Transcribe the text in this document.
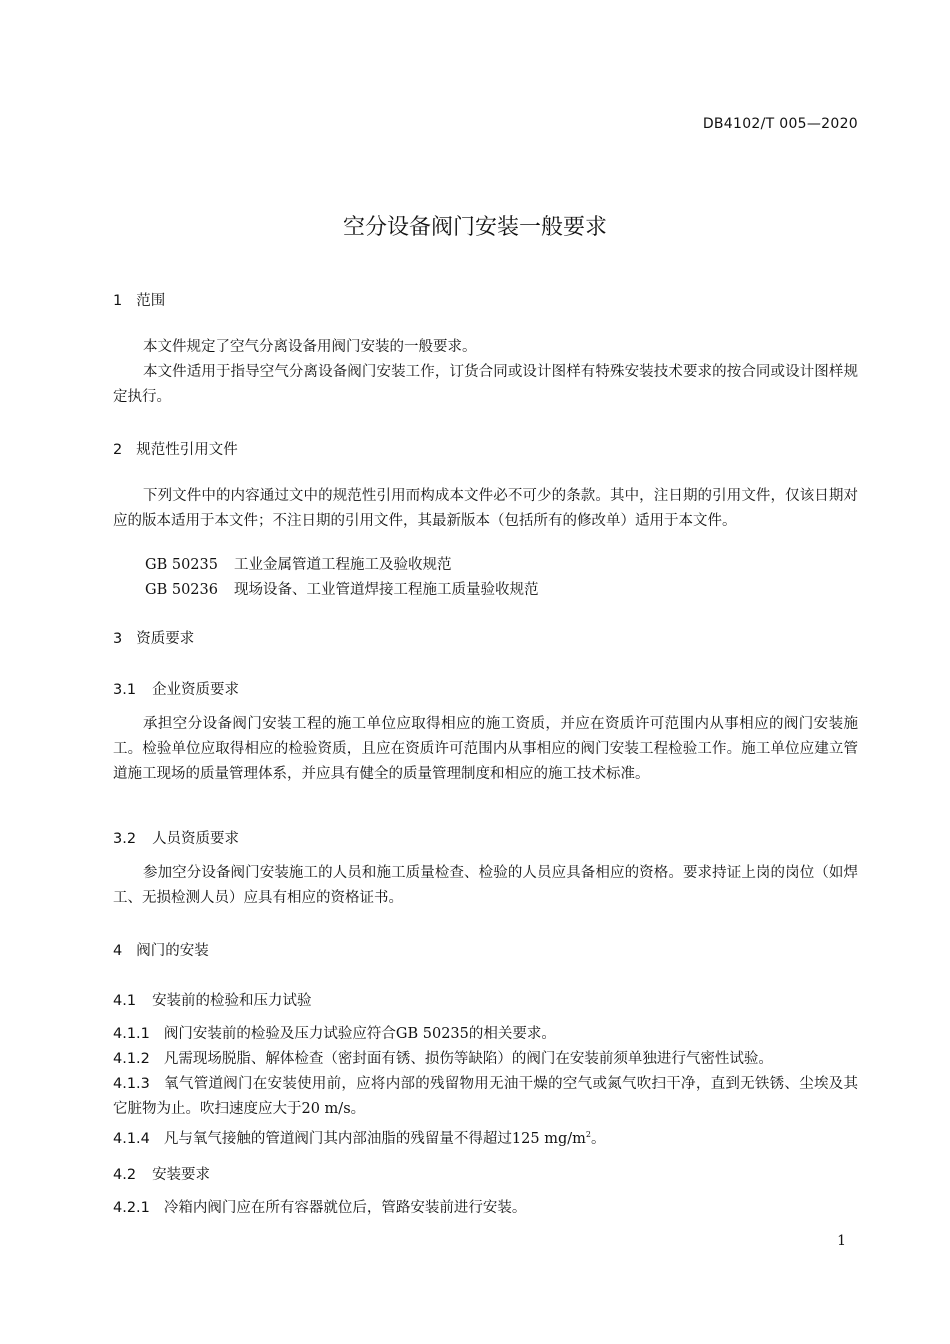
DB4102/T 005—2020
空分设备阀门安装一般要求
1 范围
本文件规定了空气分离设备用阀门安装的一般要求。
本文件适用于指导空气分离设备阀门安装工作，订货合同或设计图样有特殊安装技术要求的按合同或设计图样规定执行。
2 规范性引用文件
下列文件中的内容通过文中的规范性引用而构成本文件必不可少的条款。其中，注日期的引用文件，仅该日期对应的版本适用于本文件；不注日期的引用文件，其最新版本（包括所有的修改单）适用于本文件。
GB 50235 工业金属管道工程施工及验收规范
GB 50236 现场设备、工业管道焊接工程施工质量验收规范
3 资质要求
3.1 企业资质要求
承担空分设备阀门安装工程的施工单位应取得相应的施工资质，并应在资质许可范围内从事相应的阀门安装施工。检验单位应取得相应的检验资质，且应在资质许可范围内从事相应的阀门安装工程检验工作。施工单位应建立管道施工现场的质量管理体系，并应具有健全的质量管理制度和相应的施工技术标准。
3.2 人员资质要求
参加空分设备阀门安装施工的人员和施工质量检查、检验的人员应具备相应的资格。要求持证上岗的岗位（如焊工、无损检测人员）应具有相应的资格证书。
4 阀门的安装
4.1 安装前的检验和压力试验
4.1.1 阀门安装前的检验及压力试验应符合GB 50235的相关要求。
4.1.2 凡需现场脱脂、解体检查（密封面有锈、损伤等缺陷）的阀门在安装前须单独进行气密性试验。
4.1.3 氧气管道阀门在安装使用前，应将内部的残留物用无油干燥的空气或氮气吹扫干净，直到无铁锈、尘埃及其它脏物为止。吹扫速度应大于20 m/s。
4.1.4 凡与氧气接触的管道阀门其内部油脂的残留量不得超过125 $mg/m^2$。
4.2 安装要求
4.2.1 冷箱内阀门应在所有容器就位后，管路安装前进行安装。
1
